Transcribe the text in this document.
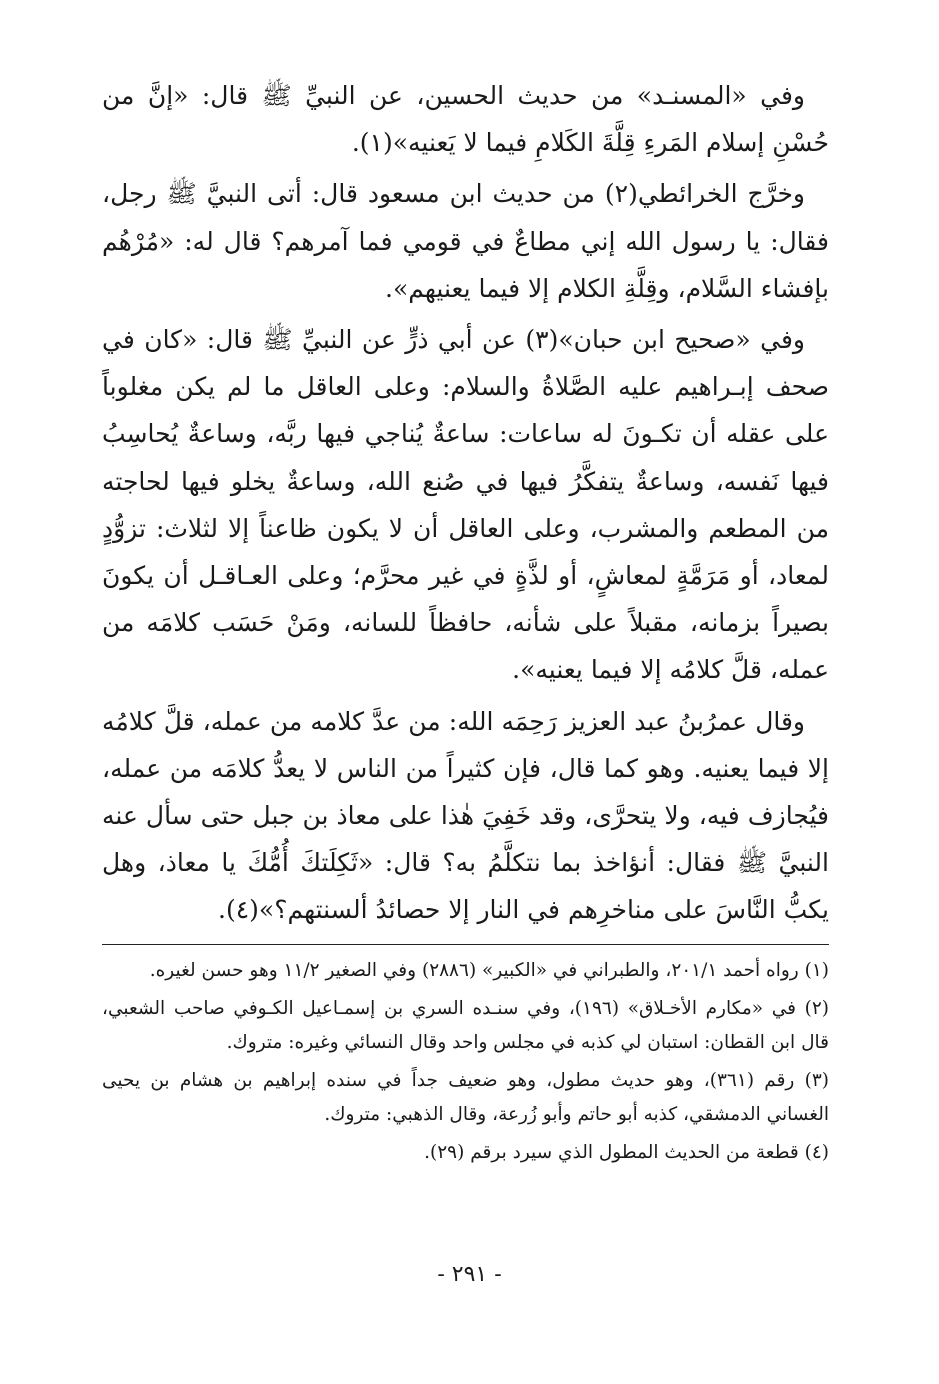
وفي «المسنـد» من حديث الحسين، عن النبيِّ ﷺ قال: «إنَّ من حُسْنِ إسلام المَرءِ قِلَّةَ الكَلامِ فيما لا يَعنيه»(١).

وخرَّج الخرائطي(٢) من حديث ابن مسعود قال: أتى النبيَّ ﷺ رجل، فقال: يا رسول الله إني مطاعٌ في قومي فما آمرهم؟ قال له: «مُرْهُم بإفشاء السَّلام، وقِلَّةِ الكلام إلا فيما يعنيهم».

وفي «صحيح ابن حبان»(٣) عن أبي ذرٍّ عن النبيِّ ﷺ قال: «كان في صحف إبـراهيم عليه الصَّلاةُ والسلام: وعلى العاقل ما لم يكن مغلوباً على عقله أن تكـونَ له ساعات: ساعةٌ يُناجي فيها ربَّه، وساعةٌ يُحاسِبُ فيها نَفسه، وساعةٌ يتفكَّرُ فيها في صُنع الله، وساعةٌ يخلو فيها لحاجته من المطعم والمشرب، وعلى العاقل أن لا يكون ظاعناً إلا لثلاث: تزوُّدٍ لمعاد، أو مَرَمَّةٍ لمعاشٍ، أو لذَّةٍ في غير محرَّم؛ وعلى العـاقـل أن يكونَ بصيراً بزمانه، مقبلاً على شأنه، حافظاً للسانه، ومَنْ حَسَب كلامَه من عمله، قلَّ كلامُه إلا فيما يعنيه».

وقال عمرُبنُ عبد العزيز رَحِمَه الله: من عدَّ كلامه من عمله، قلَّ كلامُه إلا فيما يعنيه. وهو كما قال، فإن كثيراً من الناس لا يعدُّ كلامَه من عمله، فيُجازف فيه، ولا يتحرَّى، وقد خَفِيَ هٰذا على معاذ بن جبل حتى سأل عنه النبيَّ ﷺ فقال: أنؤاخذ بما نتكلَّمُ به؟ قال: «ثَكِلَتكَ أُمُّكَ يا معاذ، وهل يكبُّ النَّاسَ على مناخرِهم في النار إلا حصائدُ ألسنتهم؟»(٤).

(١) رواه أحمد ٢٠١/١، والطبراني في «الكبير» (٢٨٨٦) وفي الصغير ١١/٢ وهو حسن لغيره.

(٢) في «مكارم الأخـلاق» (١٩٦)، وفي سنـده السري بن إسمـاعيل الكـوفي صاحب الشعبي، قال ابن القطان: استبان لي كذبه في مجلس واحد وقال النسائي وغيره: متروك.

(٣) رقم (٣٦١)، وهو حديث مطول، وهو ضعيف جداً في سنده إبراهيم بن هشام بن يحيى الغساني الدمشقي، كذبه أبو حاتم وأبو زُرعة، وقال الذهبي: متروك.

(٤) قطعة من الحديث المطول الذي سيرد برقم (٢٩).

- ٢٩١ -
